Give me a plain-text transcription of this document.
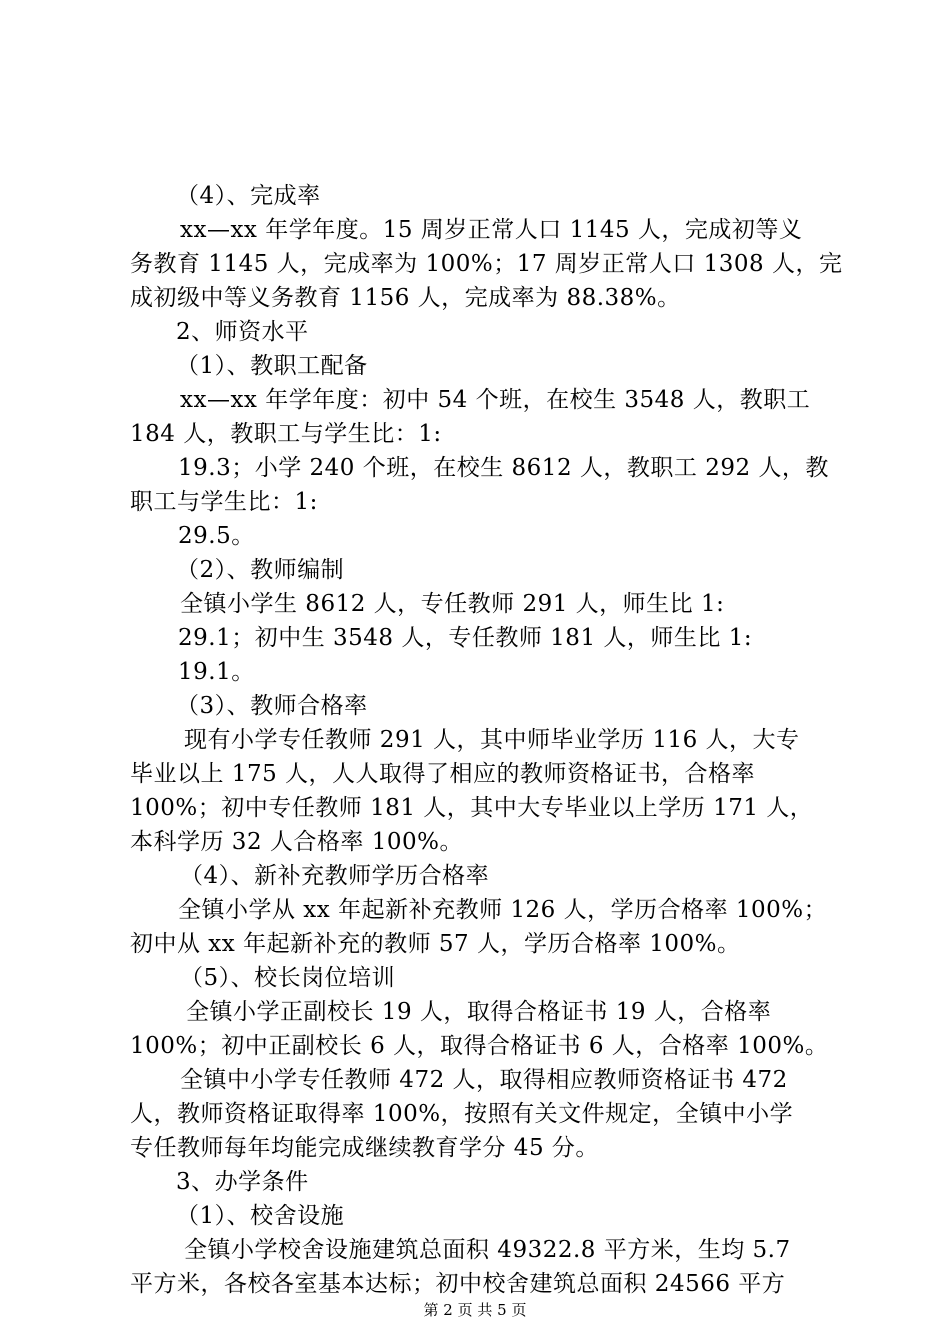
（4）、完成率
xx—xx 年学年度。15 周岁正常人口 1145 人，完成初等义
务教育 1145 人，完成率为 100%；17 周岁正常人口 1308 人，完
成初级中等义务教育 1156 人，完成率为 88.38%。
2、师资水平
（1）、教职工配备
xx—xx 年学年度：初中 54 个班，在校生 3548 人，教职工
184 人，教职工与学生比：1:
19.3；小学 240 个班，在校生 8612 人，教职工 292 人，教
职工与学生比：1:
29.5。
（2）、教师编制
全镇小学生 8612 人，专任教师 291 人，师生比 1:
29.1；初中生 3548 人，专任教师 181 人，师生比 1:
19.1。
（3）、教师合格率
现有小学专任教师 291 人，其中师毕业学历 116 人，大专
毕业以上 175 人，人人取得了相应的教师资格证书，合格率
100%；初中专任教师 181 人，其中大专毕业以上学历 171 人，
本科学历 32 人合格率 100%。
（4）、新补充教师学历合格率
全镇小学从 xx 年起新补充教师 126 人，学历合格率 100%；
初中从 xx 年起新补充的教师 57 人，学历合格率 100%。
（5）、校长岗位培训
全镇小学正副校长 19 人，取得合格证书 19 人，合格率
100%；初中正副校长 6 人，取得合格证书 6 人，合格率 100%。
全镇中小学专任教师 472 人，取得相应教师资格证书 472
人，教师资格证取得率 100%，按照有关文件规定，全镇中小学
专任教师每年均能完成继续教育学分 45 分。
3、办学条件
（1）、校舍设施
全镇小学校舍设施建筑总面积 49322.8 平方米，生均 5.7
平方米，各校各室基本达标；初中校舍建筑总面积 24566 平方
第 2 页 共 5 页
